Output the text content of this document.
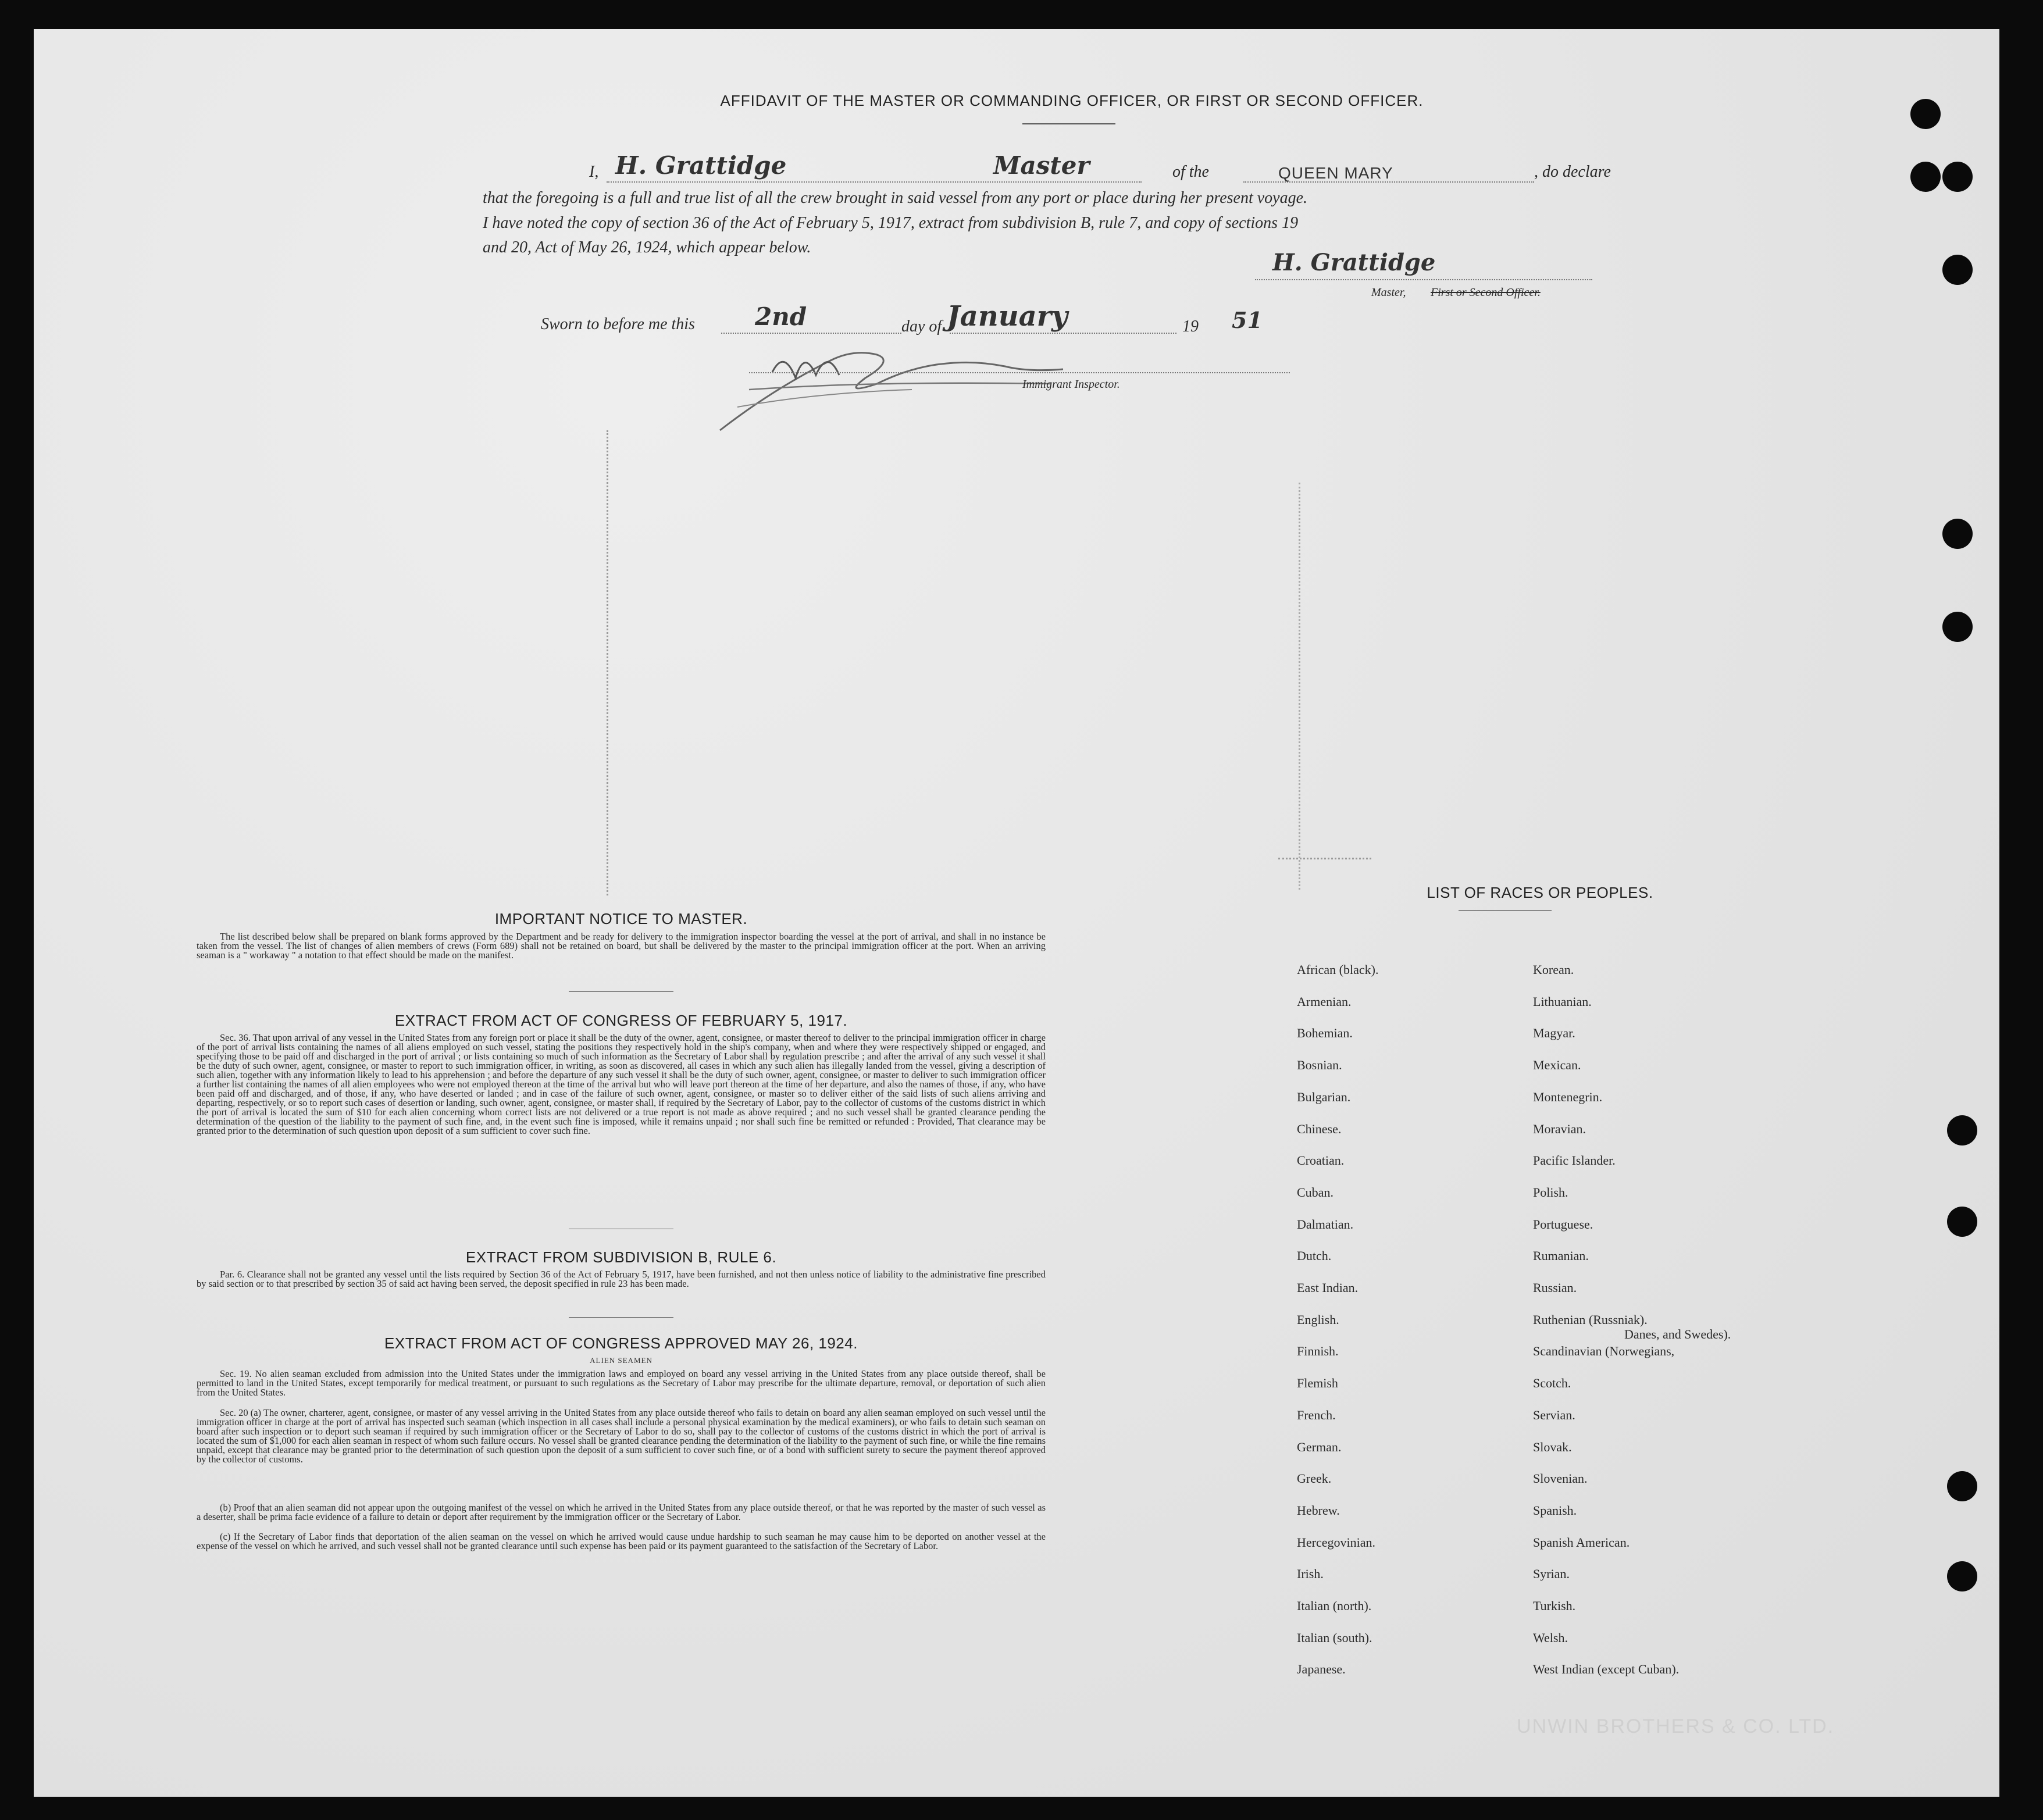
AFFIDAVIT OF THE MASTER OR COMMANDING OFFICER, OR FIRST OR SECOND OFFICER.
I, H. Grattidge	Master	of the	QUEEN MARY	, do declare
that the foregoing is a full and true list of all the crew brought in said vessel from any port or place during her present voyage.
I have noted the copy of section 36 of the Act of February 5, 1917, extract from subdivision B, rule 7, and copy of sections 19
and 20, Act of May 26, 1924, which appear below.
H. Grattidge
Master, First or Second Officer.
Sworn to before me this 2nd	day of January	19 51
Immigrant Inspector.
IMPORTANT NOTICE TO MASTER.
The list described below shall be prepared on blank forms approved by the Department and be ready for delivery to the immigration inspector boarding the vessel at the port of arrival, and shall in no instance be taken from the vessel. The list of changes of alien members of crews (Form 689) shall not be retained on board, but shall be delivered by the master to the principal immigration officer at the port. When an arriving seaman is a " workaway " a notation to that effect should be made on the manifest.
EXTRACT FROM ACT OF CONGRESS OF FEBRUARY 5, 1917.
Sec. 36. That upon arrival of any vessel in the United States from any foreign port or place it shall be the duty of the owner, agent, consignee, or master thereof to deliver to the principal immigration officer in charge of the port of arrival lists containing the names of all aliens employed on such vessel, stating the positions they respectively hold in the ship's company, when and where they were respectively shipped or engaged, and specifying those to be paid off and discharged in the port of arrival ; or lists containing so much of such information as the Secretary of Labor shall by regulation prescribe ; and after the arrival of any such vessel it shall be the duty of such owner, agent, consignee, or master to report to such immigration officer, in writing, as soon as discovered, all cases in which any such alien has illegally landed from the vessel, giving a description of such alien, together with any information likely to lead to his apprehension ; and before the departure of any such vessel it shall be the duty of such owner, agent, consignee, or master to deliver to such immigration officer a further list containing the names of all alien employees who were not employed thereon at the time of the arrival but who will leave port thereon at the time of her departure, and also the names of those, if any, who have been paid off and discharged, and of those, if any, who have deserted or landed ; and in case of the failure of such owner, agent, consignee, or master so to deliver either of the said lists of such aliens arriving and departing, respectively, or so to report such cases of desertion or landing, such owner, agent, consignee, or master shall, if required by the Secretary of Labor, pay to the collector of customs of the customs district in which the port of arrival is located the sum of $10 for each alien concerning whom correct lists are not delivered or a true report is not made as above required ; and no such vessel shall be granted clearance pending the determination of the question of the liability to the payment of such fine, and, in the event such fine is imposed, while it remains unpaid ; nor shall such fine be remitted or refunded : Provided, That clearance may be granted prior to the determination of such question upon deposit of a sum sufficient to cover such fine.
EXTRACT FROM SUBDIVISION B, RULE 6.
Par. 6. Clearance shall not be granted any vessel until the lists required by Section 36 of the Act of February 5, 1917, have been furnished, and not then unless notice of liability to the administrative fine prescribed by said section or to that prescribed by section 35 of said act having been served, the deposit specified in rule 23 has been made.
EXTRACT FROM ACT OF CONGRESS APPROVED MAY 26, 1924.
ALIEN SEAMEN
Sec. 19. No alien seaman excluded from admission into the United States under the immigration laws and employed on board any vessel arriving in the United States from any place outside thereof, shall be permitted to land in the United States, except temporarily for medical treatment, or pursuant to such regulations as the Secretary of Labor may prescribe for the ultimate departure, removal, or deportation of such alien from the United States.
Sec. 20 (a) The owner, charterer, agent, consignee, or master of any vessel arriving in the United States from any place outside thereof who fails to detain on board any alien seaman employed on such vessel until the immigration officer in charge at the port of arrival has inspected such seaman (which inspection in all cases shall include a personal physical examination by the medical examiners), or who fails to detain such seaman on board after such inspection or to deport such seaman if required by such immigration officer or the Secretary of Labor to do so, shall pay to the collector of customs of the customs district in which the port of arrival is located the sum of $1,000 for each alien seaman in respect of whom such failure occurs. No vessel shall be granted clearance pending the determination of the liability to the payment of such fine, or while the fine remains unpaid, except that clearance may be granted prior to the determination of such question upon the deposit of a sum sufficient to cover such fine, or of a bond with sufficient surety to secure the payment thereof approved by the collector of customs.
(b) Proof that an alien seaman did not appear upon the outgoing manifest of the vessel on which he arrived in the United States from any place outside thereof, or that he was reported by the master of such vessel as a deserter, shall be prima facie evidence of a failure to detain or deport after requirement by the immigration officer or the Secretary of Labor.
(c) If the Secretary of Labor finds that deportation of the alien seaman on the vessel on which he arrived would cause undue hardship to such seaman he may cause him to be deported on another vessel at the expense of the vessel on which he arrived, and such vessel shall not be granted clearance until such expense has been paid or its payment guaranteed to the satisfaction of the Secretary of Labor.
LIST OF RACES OR PEOPLES.
Danes, and Swedes).
UNWIN BROTHERS & CO. LTD.
African (black).
Armenian.
Bohemian.
Bosnian.
Bulgarian.
Chinese.
Croatian.
Cuban.
Dalmatian.
Dutch.
East Indian.
English.
Finnish.
Flemish
French.
German.
Greek.
Hebrew.
Hercegovinian.
Irish.
Italian (north).
Italian (south).
Japanese.
Korean.
Lithuanian.
Magyar.
Mexican.
Montenegrin.
Moravian.
Pacific Islander.
Polish.
Portuguese.
Rumanian.
Russian.
Ruthenian (Russniak).
Scandinavian (Norwegians,
Scotch.
Servian.
Slovak.
Slovenian.
Spanish.
Spanish American.
Syrian.
Turkish.
Welsh.
West Indian (except Cuban).
